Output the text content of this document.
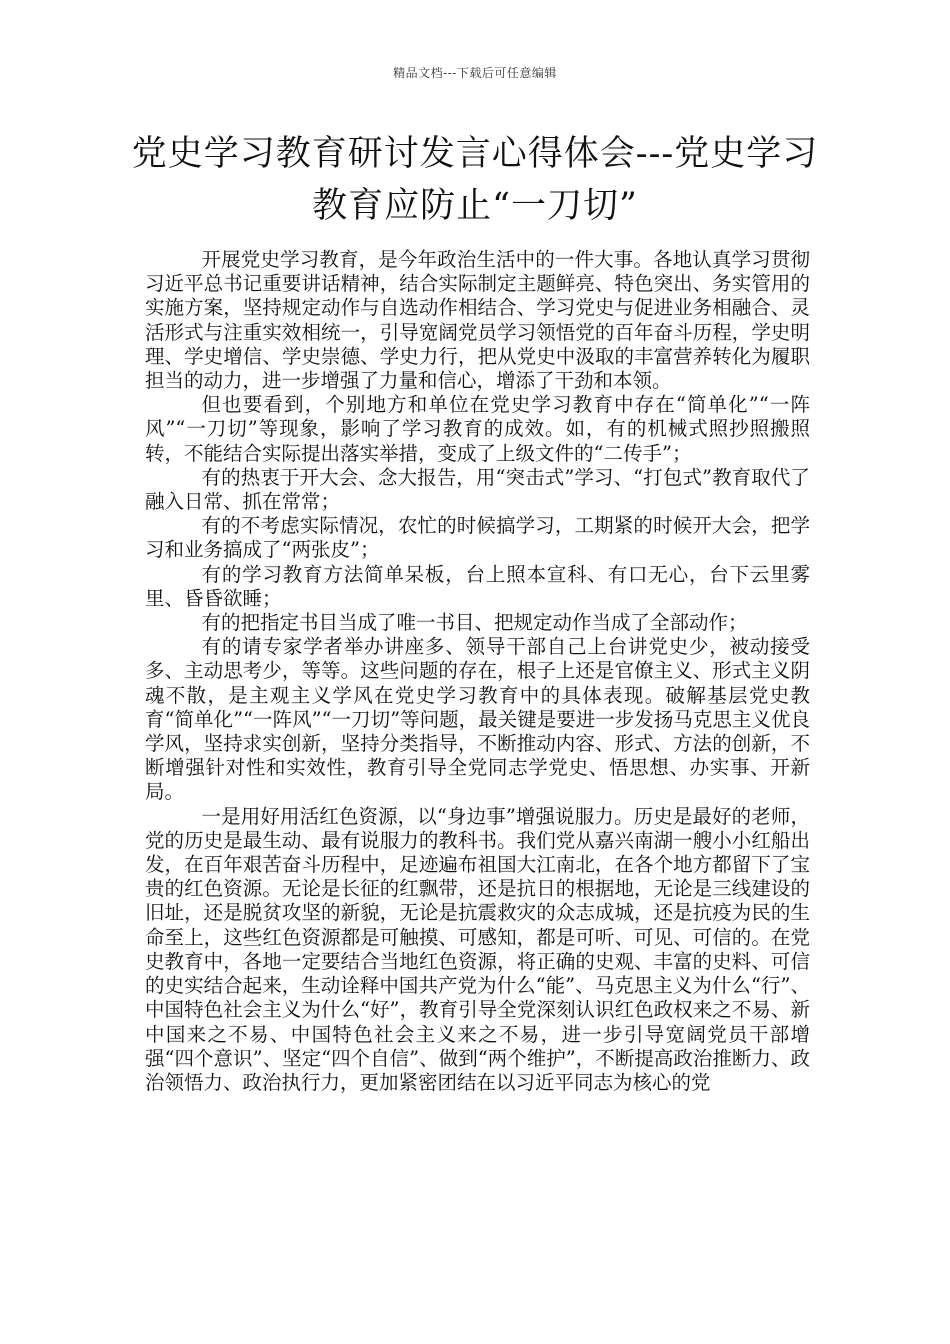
精品文档---下载后可任意编辑
党史学习教育研讨发言心得体会---党史学习教育应防止“一刀切”

开展党史学习教育，是今年政治生活中的一件大事。各地认真学习贯彻习近平总书记重要讲话精神，结合实际制定主题鲜亮、特色突出、务实管用的实施方案，坚持规定动作与自选动作相结合、学习党史与促进业务相融合、灵活形式与注重实效相统一，引导宽阔党员学习领悟党的百年奋斗历程，学史明理、学史增信、学史崇德、学史力行，把从党史中汲取的丰富营养转化为履职担当的动力，进一步增强了力量和信心，增添了干劲和本领。

但也要看到，个别地方和单位在党史学习教育中存在“简单化”“一阵风”“一刀切”等现象，影响了学习教育的成效。如，有的机械式照抄照搬照转，不能结合实际提出落实举措，变成了上级文件的“二传手”；

有的热衷于开大会、念大报告，用“突击式”学习、“打包式”教育取代了融入日常、抓在常常；

有的不考虑实际情况，农忙的时候搞学习，工期紧的时候开大会，把学习和业务搞成了“两张皮”；

有的学习教育方法简单呆板，台上照本宣科、有口无心，台下云里雾里、昏昏欲睡；

有的把指定书目当成了唯一书目、把规定动作当成了全部动作；

有的请专家学者举办讲座多、领导干部自己上台讲党史少，被动接受多、主动思考少，等等。这些问题的存在，根子上还是官僚主义、形式主义阴魂不散，是主观主义学风在党史学习教育中的具体表现。破解基层党史教育“简单化”“一阵风”“一刀切”等问题，最关键是要进一步发扬马克思主义优良学风，坚持求实创新，坚持分类指导，不断推动内容、形式、方法的创新，不断增强针对性和实效性，教育引导全党同志学党史、悟思想、办实事、开新局。

一是用好用活红色资源，以“身边事”增强说服力。历史是最好的老师，党的历史是最生动、最有说服力的教科书。我们党从嘉兴南湖一艘小小红船出发，在百年艰苦奋斗历程中，足迹遍布祖国大江南北，在各个地方都留下了宝贵的红色资源。无论是长征的红飘带，还是抗日的根据地，无论是三线建设的旧址，还是脱贫攻坚的新貌，无论是抗震救灾的众志成城，还是抗疫为民的生命至上，这些红色资源都是可触摸、可感知，都是可听、可见、可信的。在党史教育中，各地一定要结合当地红色资源，将正确的史观、丰富的史料、可信的史实结合起来，生动诠释中国共产党为什么“能”、马克思主义为什么“行”、中国特色社会主义为什么“好”，教育引导全党深刻认识红色政权来之不易、新中国来之不易、中国特色社会主义来之不易，进一步引导宽阔党员干部增强“四个意识”、坚定“四个自信”、做到“两个维护”，不断提高政治推断力、政治领悟力、政治执行力，更加紧密团结在以习近平同志为核心的党
